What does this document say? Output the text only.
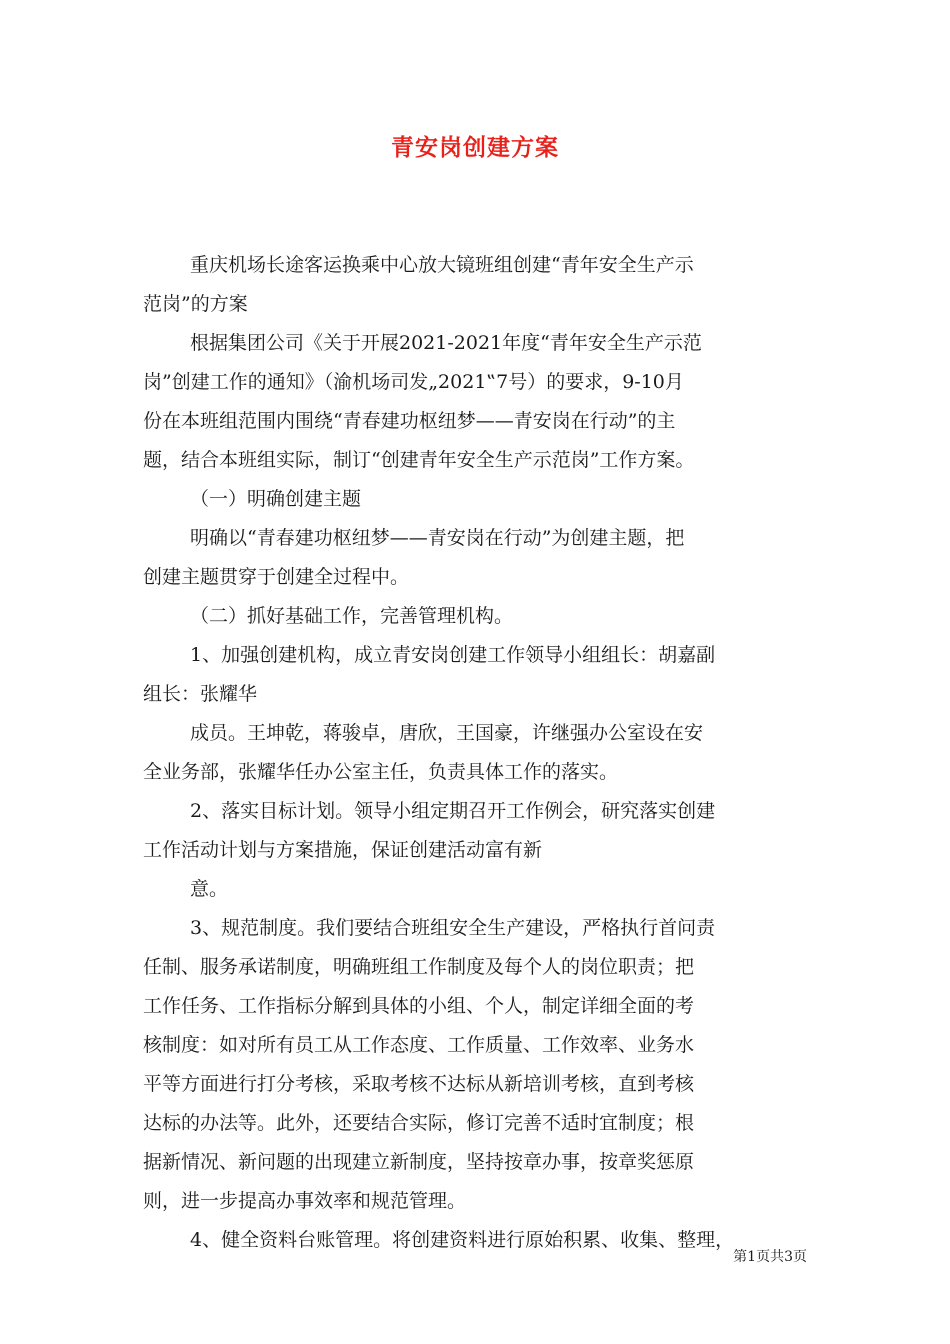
青安岗创建方案
重庆机场长途客运换乘中心放大镜班组创建“青年安全生产示
范岗”的方案
根据集团公司《关于开展2021-2021年度“青年安全生产示范
岗”创建工作的通知》（渝机场司发„2021‟7号）的要求，9-10月
份在本班组范围内围绕“青春建功枢纽梦——青安岗在行动”的主
题，结合本班组实际，制订“创建青年安全生产示范岗”工作方案。
（一）明确创建主题
明确以“青春建功枢纽梦——青安岗在行动”为创建主题，把
创建主题贯穿于创建全过程中。
（二）抓好基础工作，完善管理机构。
1、加强创建机构，成立青安岗创建工作领导小组组长：胡嘉副
组长：张耀华
成员。王坤乾，蒋骏卓，唐欣，王国豪，许继强办公室设在安
全业务部，张耀华任办公室主任，负责具体工作的落实。
2、落实目标计划。领导小组定期召开工作例会，研究落实创建
工作活动计划与方案措施，保证创建活动富有新
意。
3、规范制度。我们要结合班组安全生产建设，严格执行首问责
任制、服务承诺制度，明确班组工作制度及每个人的岗位职责；把
工作任务、工作指标分解到具体的小组、个人，制定详细全面的考
核制度：如对所有员工从工作态度、工作质量、工作效率、业务水
平等方面进行打分考核，采取考核不达标从新培训考核，直到考核
达标的办法等。此外，还要结合实际，修订完善不适时宜制度；根
据新情况、新问题的出现建立新制度，坚持按章办事，按章奖惩原
则，进一步提高办事效率和规范管理。
4、健全资料台账管理。将创建资料进行原始积累、收集、整理，
第1页共3页
